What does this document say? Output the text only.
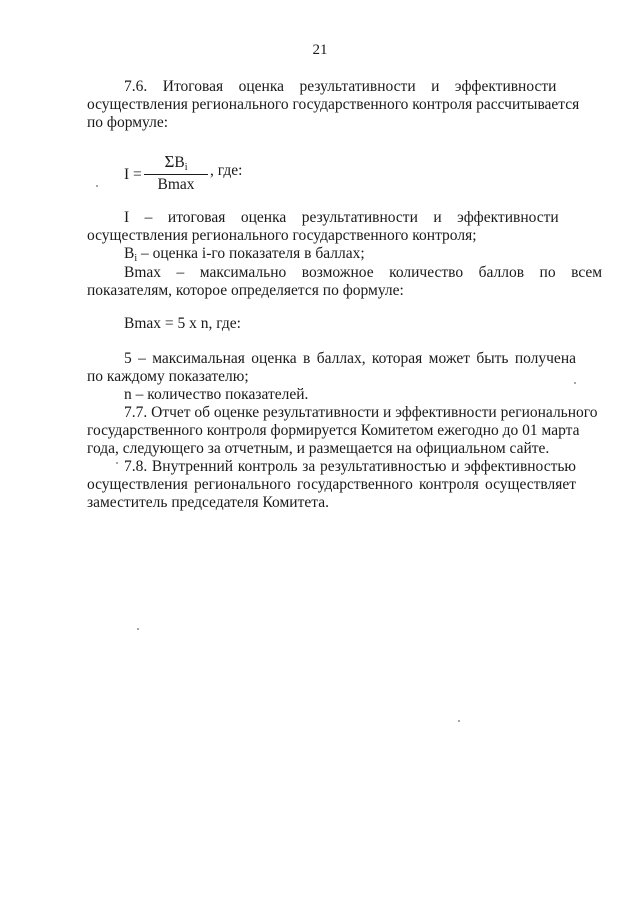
21
7.6. Итоговая оценка результативности и эффективности
осуществления регионального государственного контроля рассчитывается
по формуле:
I =
$\Sigma B_i$
Bmax
, где:
I – итоговая оценка результативности и эффективности
осуществления регионального государственного контроля;
$B_i$ – оценка i-го показателя в баллах;
Bmax – максимально возможное количество баллов по всем
показателям, которое определяется по формуле:
Bmax = 5 x n, где:
5 – максимальная оценка в баллах, которая может быть получена
по каждому показателю;
n – количество показателей.
7.7. Отчет об оценке результативности и эффективности регионального
государственного контроля формируется Комитетом ежегодно до 01 марта
года, следующего за отчетным, и размещается на официальном сайте.
7.8. Внутренний контроль за результативностью и эффективностью
осуществления регионального государственного контроля осуществляет
заместитель председателя Комитета.
